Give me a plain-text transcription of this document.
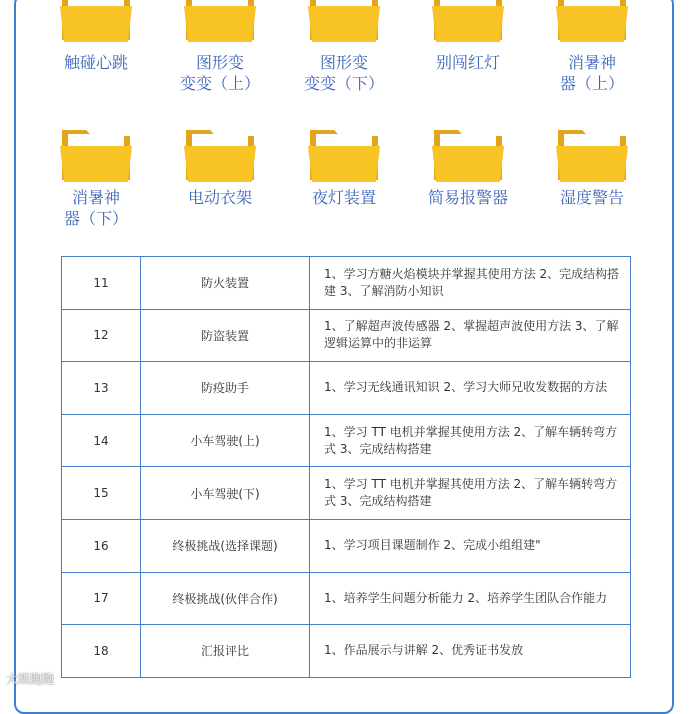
触碰心跳	图形变
变变（上）
图形变
变变（下）
别闯红灯	消暑神
器（上）
消暑神
器（下）
电动衣架	夜灯装置	简易报警器	湿度警告
11	防火装置	1、学习方糖火焰模块并掌握其使用方法 2、完成结构搭建 3、了解消防小知识
12	防盗装置	1、了解超声波传感器 2、掌握超声波使用方法 3、了解逻辑运算中的非运算
13	防疫助手	1、学习无线通讯知识 2、学习大师兄收发数据的方法
14	小车驾驶(上)	1、学习 TT 电机并掌握其使用方法 2、了解车辆转弯方式 3、完成结构搭建
15	小车驾驶(下)	1、学习 TT 电机并掌握其使用方法 2、了解车辆转弯方式 3、完成结构搭建
16	终极挑战(选择课题)	1、学习项目课题制作 2、完成小组组建"
17	终极挑战(伙伴合作)	1、培养学生问题分析能力 2、培养学生团队合作能力
18	汇报评比	1、作品展示与讲解 2、优秀证书发放
大班跑跑
